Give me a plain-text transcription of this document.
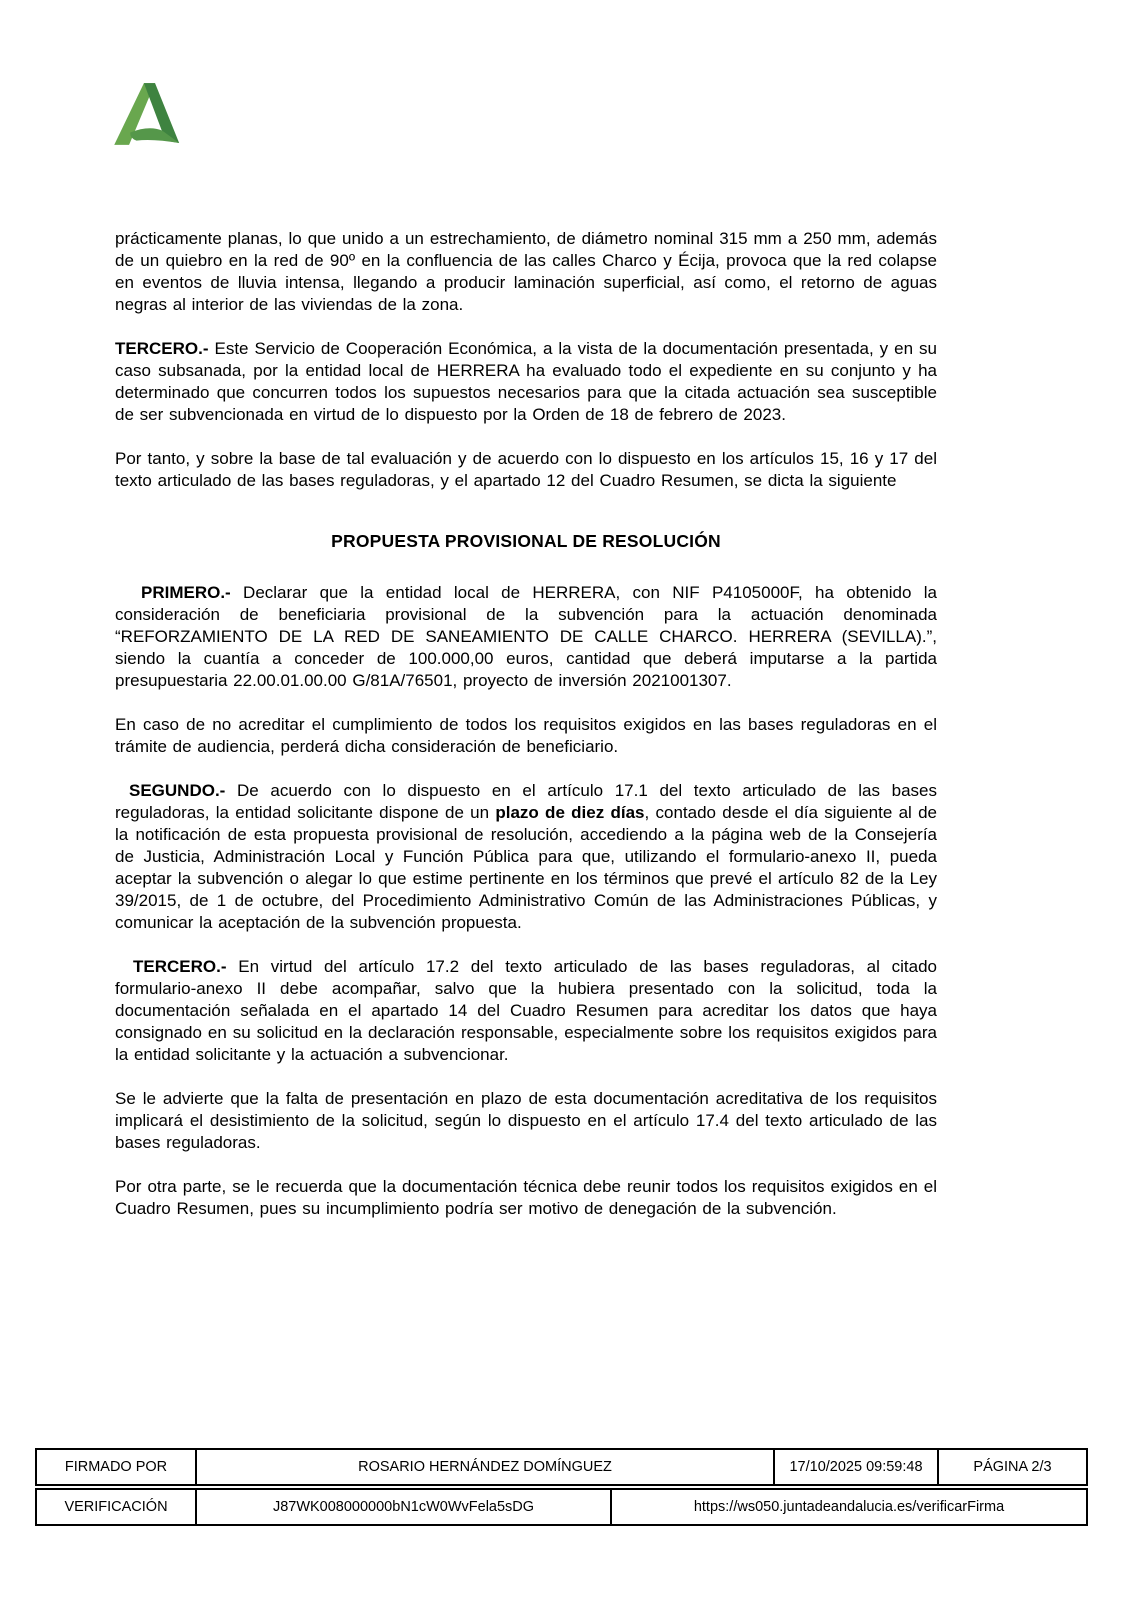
prácticamente planas, lo que unido a un estrechamiento, de diámetro nominal 315 mm a 250 mm, además de un quiebro en la red de 90º en la confluencia de las calles Charco y Écija, provoca que la red colapse en eventos de lluvia intensa, llegando a producir laminación superficial, así como, el retorno de aguas negras al interior de las viviendas de la zona.

TERCERO.- Este Servicio de Cooperación Económica, a la vista de la documentación presentada, y en su caso subsanada, por la entidad local de HERRERA ha evaluado todo el expediente en su conjunto y ha determinado que concurren todos los supuestos necesarios para que la citada actuación sea susceptible de ser subvencionada en virtud de lo dispuesto por la Orden de 18 de febrero de 2023.

Por tanto, y sobre la base de tal evaluación y de acuerdo con lo dispuesto en los artículos 15, 16 y 17 del texto articulado de las bases reguladoras, y el apartado 12 del Cuadro Resumen, se dicta la siguiente

PROPUESTA PROVISIONAL DE RESOLUCIÓN

PRIMERO.- Declarar que la entidad local de HERRERA, con NIF P4105000F, ha obtenido la consideración de beneficiaria provisional de la subvención para la actuación denominada “REFORZAMIENTO DE LA RED DE SANEAMIENTO DE CALLE CHARCO. HERRERA (SEVILLA).”, siendo la cuantía a conceder de 100.000,00 euros, cantidad que deberá imputarse a la partida presupuestaria 22.00.01.00.00 G/81A/76501, proyecto de inversión 2021001307.

En caso de no acreditar el cumplimiento de todos los requisitos exigidos en las bases reguladoras en el trámite de audiencia, perderá dicha consideración de beneficiario.

SEGUNDO.- De acuerdo con lo dispuesto en el artículo 17.1 del texto articulado de las bases reguladoras, la entidad solicitante dispone de un plazo de diez días, contado desde el día siguiente al de la notificación de esta propuesta provisional de resolución, accediendo a la página web de la Consejería de Justicia, Administración Local y Función Pública para que, utilizando el formulario-anexo II, pueda aceptar la subvención o alegar lo que estime pertinente en los términos que prevé el artículo 82 de la Ley 39/2015, de 1 de octubre, del Procedimiento Administrativo Común de las Administraciones Públicas, y comunicar la aceptación de la subvención propuesta.

TERCERO.- En virtud del artículo 17.2 del texto articulado de las bases reguladoras, al citado formulario-anexo II debe acompañar, salvo que la hubiera presentado con la solicitud, toda la documentación señalada en el apartado 14 del Cuadro Resumen para acreditar los datos que haya consignado en su solicitud en la declaración responsable, especialmente sobre los requisitos exigidos para la entidad solicitante y la actuación a subvencionar.

Se le advierte que la falta de presentación en plazo de esta documentación acreditativa de los requisitos implicará el desistimiento de la solicitud, según lo dispuesto en el artículo 17.4 del texto articulado de las bases reguladoras.

Por otra parte, se le recuerda que la documentación técnica debe reunir todos los requisitos exigidos en el Cuadro Resumen, pues su incumplimiento podría ser motivo de denegación de la subvención.

FIRMADO POR	ROSARIO HERNÁNDEZ DOMÍNGUEZ	17/10/2025 09:59:48	PÁGINA 2/3
VERIFICACIÓN	J87WK008000000bN1cW0WvFela5sDG	https://ws050.juntadeandalucia.es/verificarFirma
